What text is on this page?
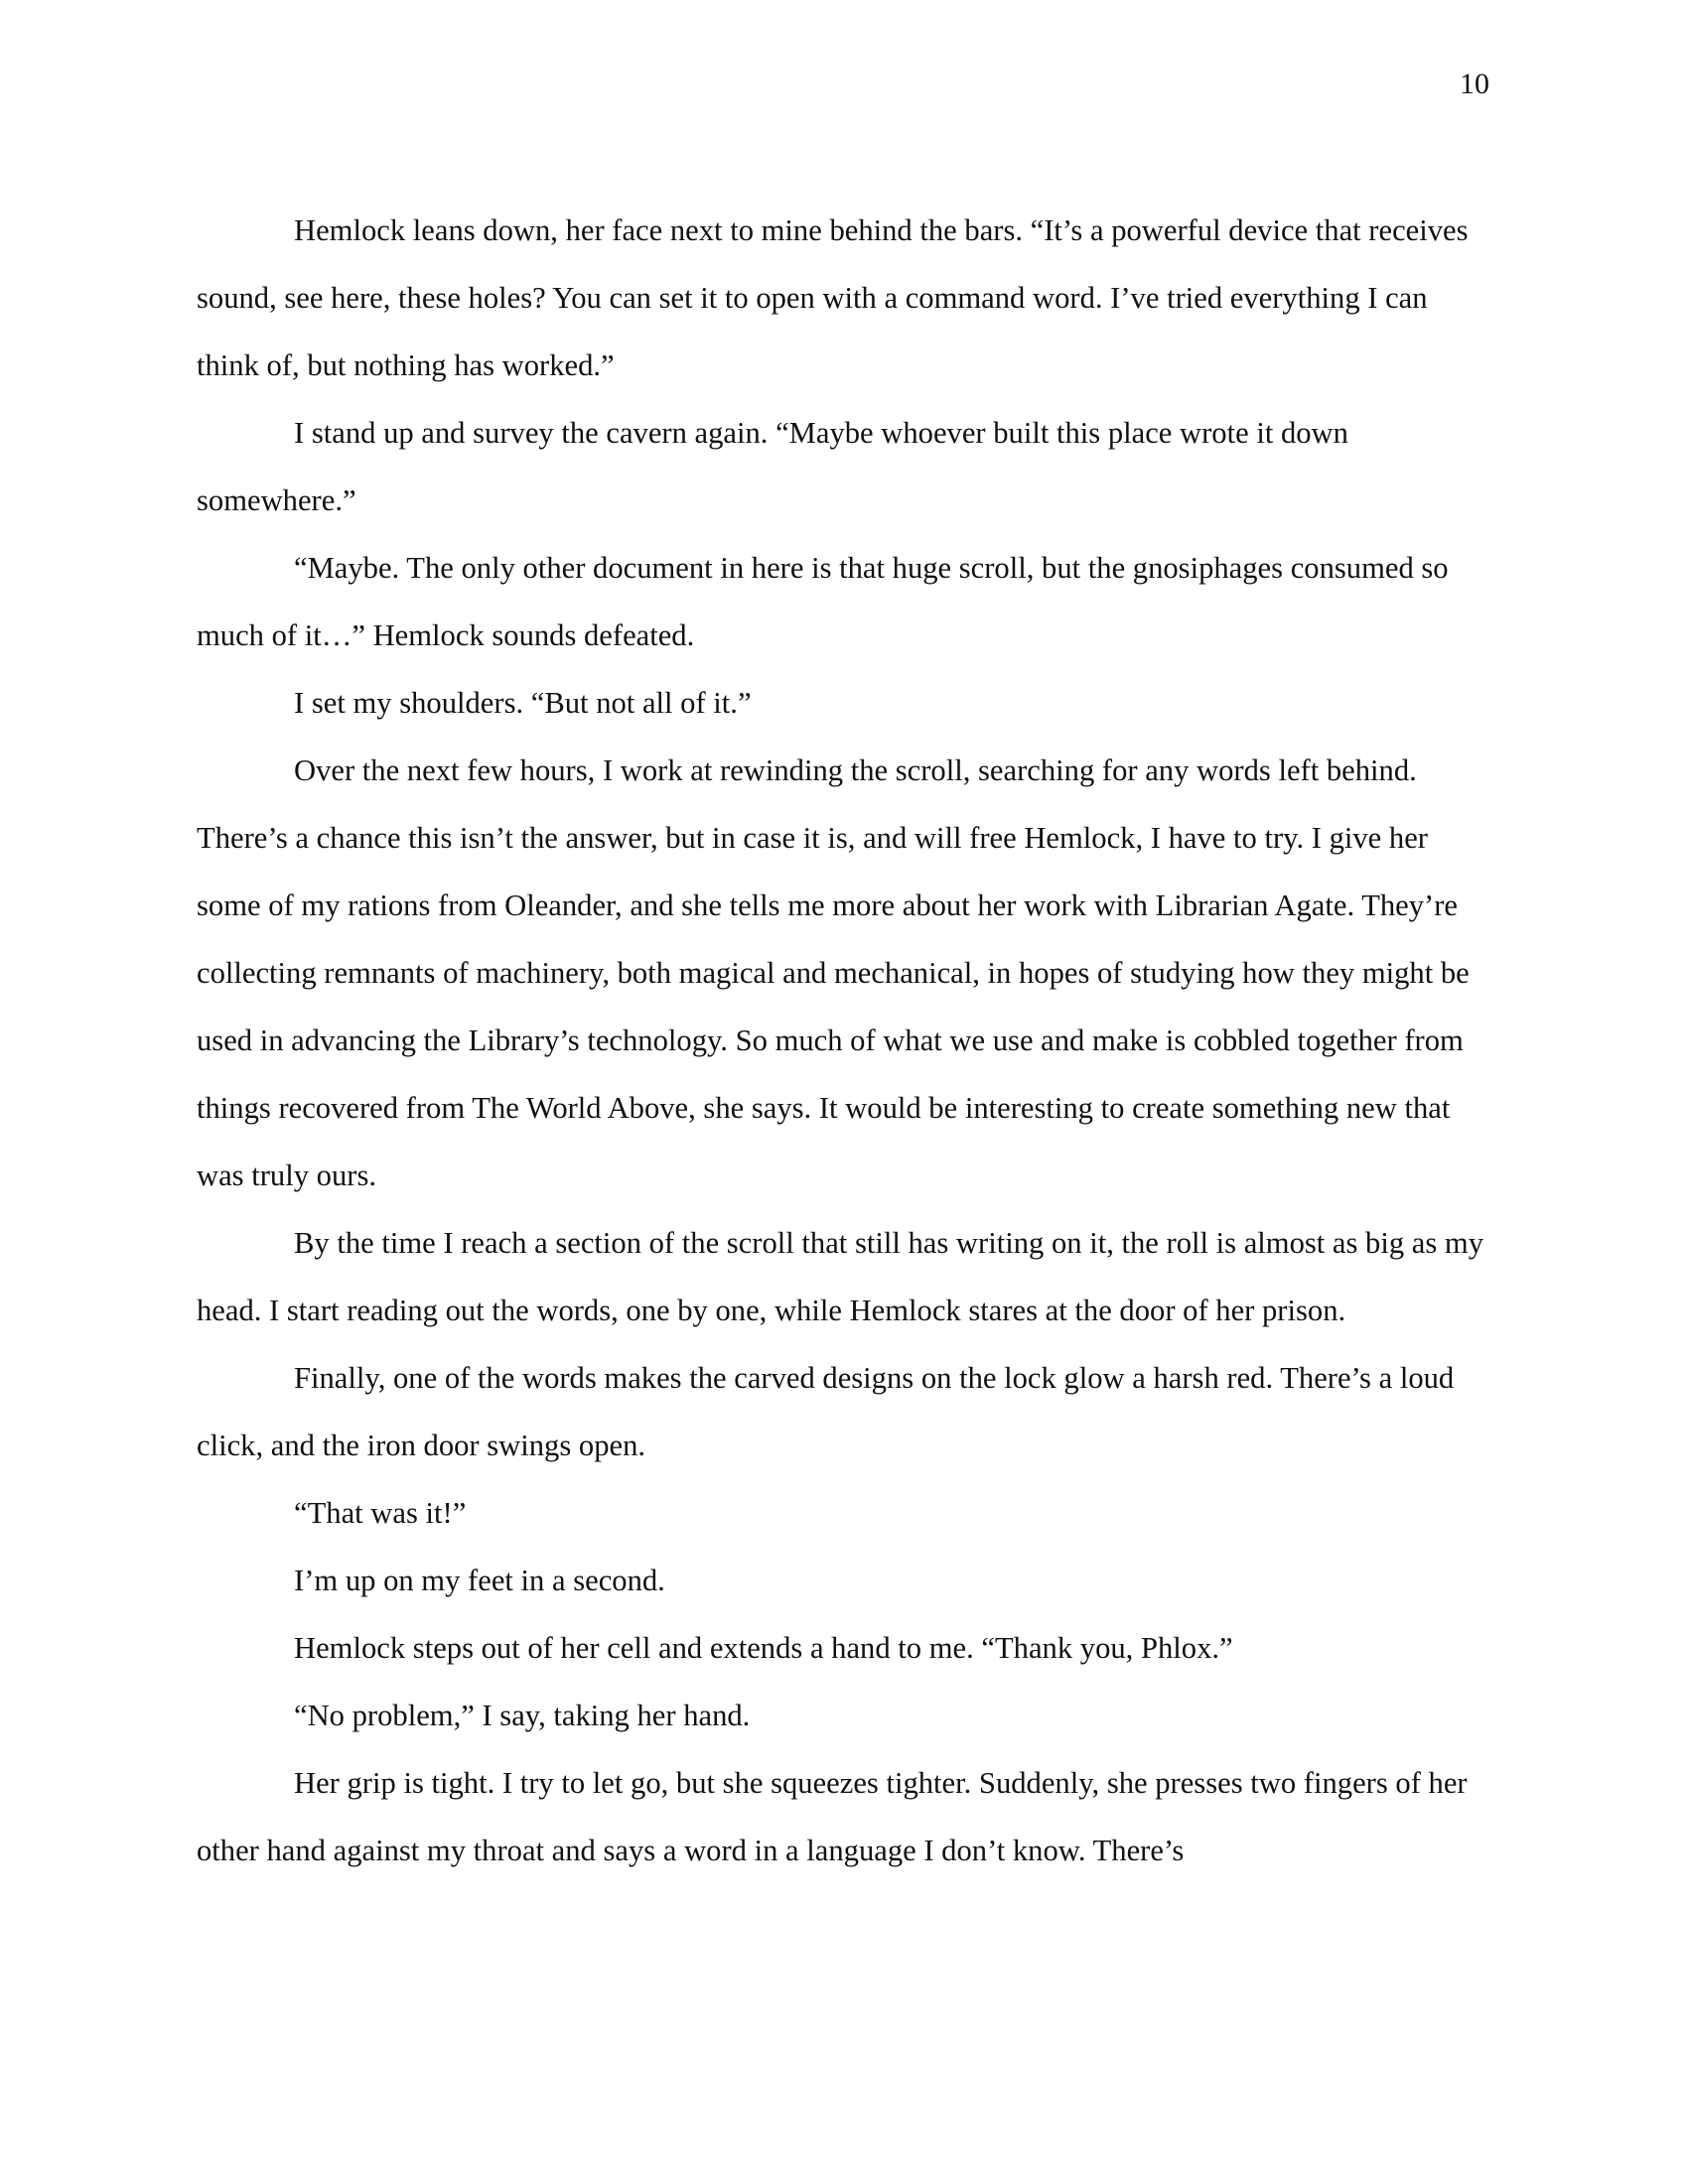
10

Hemlock leans down, her face next to mine behind the bars. “It’s a powerful device that receives sound, see here, these holes? You can set it to open with a command word. I’ve tried everything I can think of, but nothing has worked.”

I stand up and survey the cavern again. “Maybe whoever built this place wrote it down somewhere.”

“Maybe. The only other document in here is that huge scroll, but the gnosiphages consumed so much of it…” Hemlock sounds defeated.

I set my shoulders. “But not all of it.”

Over the next few hours, I work at rewinding the scroll, searching for any words left behind. There’s a chance this isn’t the answer, but in case it is, and will free Hemlock, I have to try. I give her some of my rations from Oleander, and she tells me more about her work with Librarian Agate. They’re collecting remnants of machinery, both magical and mechanical, in hopes of studying how they might be used in advancing the Library’s technology. So much of what we use and make is cobbled together from things recovered from The World Above, she says. It would be interesting to create something new that was truly ours.

By the time I reach a section of the scroll that still has writing on it, the roll is almost as big as my head. I start reading out the words, one by one, while Hemlock stares at the door of her prison.

Finally, one of the words makes the carved designs on the lock glow a harsh red. There’s a loud click, and the iron door swings open.

“That was it!”

I’m up on my feet in a second.

Hemlock steps out of her cell and extends a hand to me. “Thank you, Phlox.”

“No problem,” I say, taking her hand.

Her grip is tight. I try to let go, but she squeezes tighter. Suddenly, she presses two fingers of her other hand against my throat and says a word in a language I don’t know. There’s
